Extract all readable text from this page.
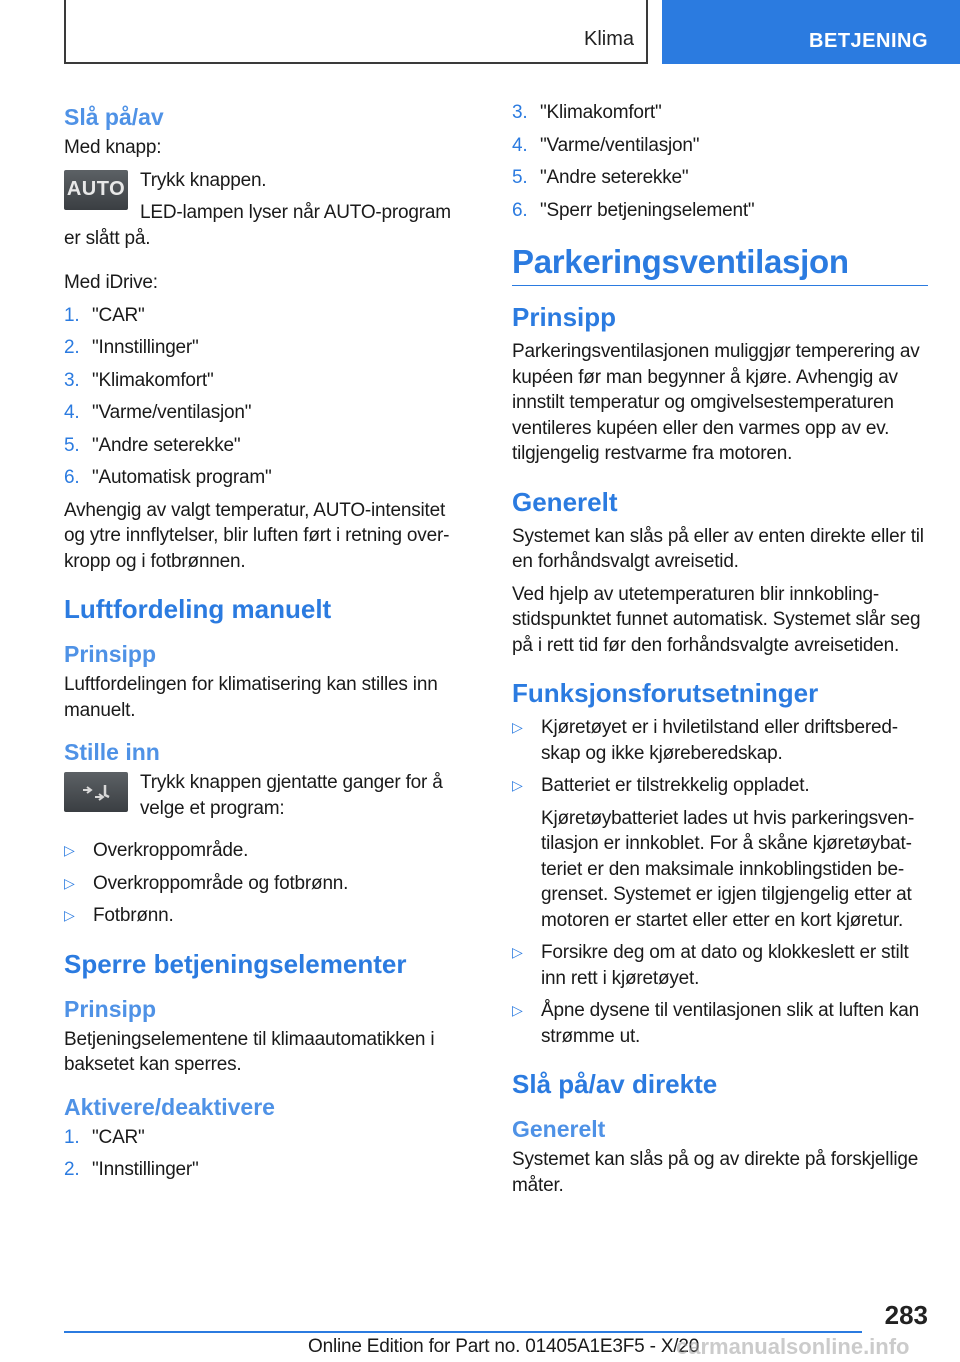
Klima	BETJENING
Slå på/av

Med knapp:

AUTO Trykk knappen.

LED-lampen lyser når AUTO-program er slått på.

Med iDrive:

1. "CAR"
2. "Innstillinger"
3. "Klimakomfort"
4. "Varme/ventilasjon"
5. "Andre seterekke"
6. "Automatisk program"

Avhengig av valgt temperatur, AUTO-intensitet og ytre innflytelser, blir luften ført i retning overkropp og i fotbrønnen.

Luftfordeling manuelt
Prinsipp

Luftfordelingen for klimatisering kan stilles inn manuelt.

Stille inn

Trykk knappen gjentatte ganger for å velge et program:

▷ Overkroppområde.
▷ Overkroppområde og fotbrønn.
▷ Fotbrønn.
Sperre betjeningselementer
Prinsipp

Betjeningselementene til klimaautomatikken i baksetet kan sperres.

Aktivere/deaktivere
1. "CAR"
2. "Innstillinger"
3. "Klimakomfort"
4. "Varme/ventilasjon"
5. "Andre seterekke"
6. "Sperr betjeningselement"
Parkeringsventilasjon
Prinsipp

Parkeringsventilasjonen muliggjør temperering av kupéen før man begynner å kjøre. Avhengig av innstilt temperatur og omgivelsestemperaturen ventileres kupéen eller den varmes opp av ev. tilgjengelig restvarme fra motoren.

Generelt

Systemet kan slås på eller av enten direkte eller til en forhåndsvalgt avreisetid.

Ved hjelp av utetemperaturen blir innkoblingstidspunktet funnet automatisk. Systemet slår seg på i rett tid før den forhåndsvalgte avreisetiden.

Funksjonsforutsetninger
▷ Kjøretøyet er i hviletilstand eller driftsberedskap og ikke kjøreberedskap.
▷ Batteriet er tilstrekkelig oppladet.

Kjøretøybatteriet lades ut hvis parkeringsventilasjon er innkoblet. For å skåne kjøretøybatteriet er den maksimale innkoblingstiden begrenset. Systemet er igjen tilgjengelig etter at motoren er startet eller etter en kort kjøretur.

▷ Forsikre deg om at dato og klokkeslett er stilt inn rett i kjøretøyet.
▷ Åpne dysene til ventilasjonen slik at luften kan strømme ut.
Slå på/av direkte
Generelt

Systemet kan slås på og av direkte på forskjellige måter.

283
Online Edition for Part no. 01405A1E3F5 - X/20
carmanualsonline.info
